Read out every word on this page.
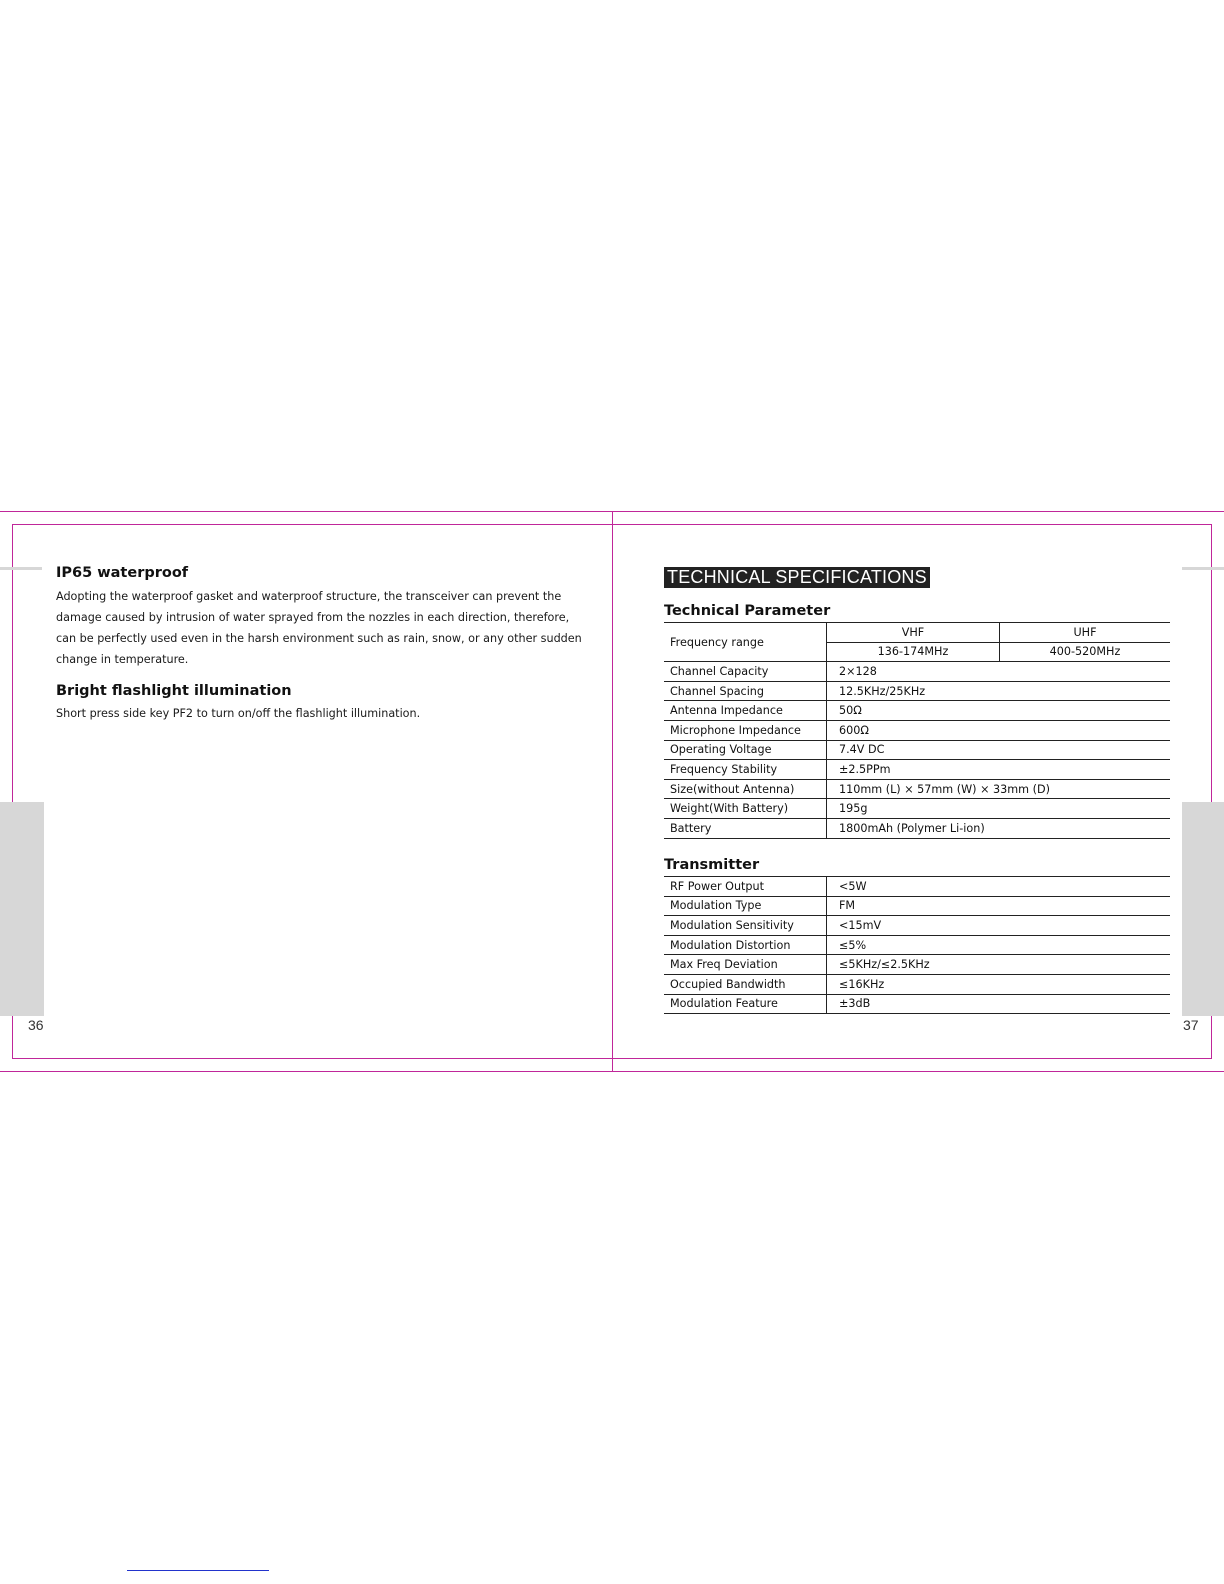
IP65 waterproof

Adopting the waterproof gasket and waterproof structure, the transceiver can prevent the

damage caused by intrusion of water sprayed from the nozzles in each direction, therefore,

can be perfectly used even in the harsh environment such as rain, snow, or any other sudden

change in temperature.

Bright flashlight illumination

Short press side key PF2 to turn on/off the flashlight illumination.

36
TECHNICAL SPECIFICATIONS
Technical Parameter
Frequency range	VHF	UHF
	136-174MHz	400-520MHz
Channel Capacity	2×128	
Channel Spacing	12.5KHz/25KHz	
Antenna Impedance	50Ω	
Microphone Impedance	600Ω	
Operating Voltage	7.4V DC	
Frequency Stability	±2.5PPm	
Size(without Antenna)	110mm (L) × 57mm (W) × 33mm (D)	
Weight(With Battery)	195g	
Battery	1800mAh (Polymer Li-ion)	
Transmitter
RF Power Output	<5W
Modulation Type	FM
Modulation Sensitivity	<15mV
Modulation Distortion	≤5%
Max Freq Deviation	≤5KHz/≤2.5KHz
Occupied Bandwidth	≤16KHz
Modulation Feature	±3dB
37
